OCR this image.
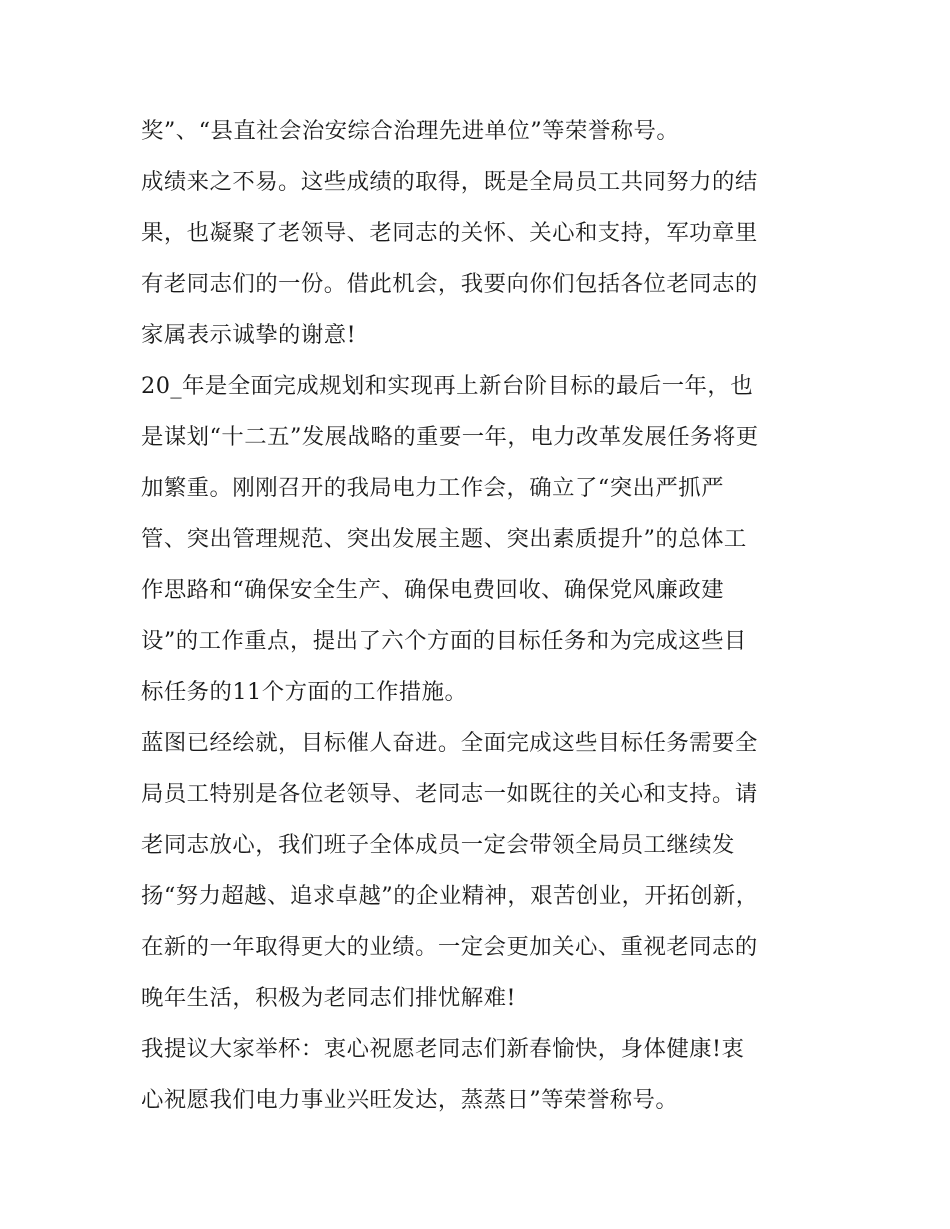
奖”、“县直社会治安综合治理先进单位”等荣誉称号。

成绩来之不易。这些成绩的取得，既是全局员工共同努力的结

果，也凝聚了老领导、老同志的关怀、关心和支持，军功章里

有老同志们的一份。借此机会，我要向你们包括各位老同志的

家属表示诚挚的谢意!

20_年是全面完成规划和实现再上新台阶目标的最后一年，也

是谋划“十二五”发展战略的重要一年，电力改革发展任务将更

加繁重。刚刚召开的我局电力工作会，确立了“突出严抓严

管、突出管理规范、突出发展主题、突出素质提升”的总体工

作思路和“确保安全生产、确保电费回收、确保党风廉政建

设”的工作重点，提出了六个方面的目标任务和为完成这些目

标任务的11个方面的工作措施。

蓝图已经绘就，目标催人奋进。全面完成这些目标任务需要全

局员工特别是各位老领导、老同志一如既往的关心和支持。请

老同志放心，我们班子全体成员一定会带领全局员工继续发

扬“努力超越、追求卓越”的企业精神，艰苦创业，开拓创新，

在新的一年取得更大的业绩。一定会更加关心、重视老同志的

晚年生活，积极为老同志们排忧解难!

我提议大家举杯：衷心祝愿老同志们新春愉快，身体健康!衷

心祝愿我们电力事业兴旺发达，蒸蒸日”等荣誉称号。
